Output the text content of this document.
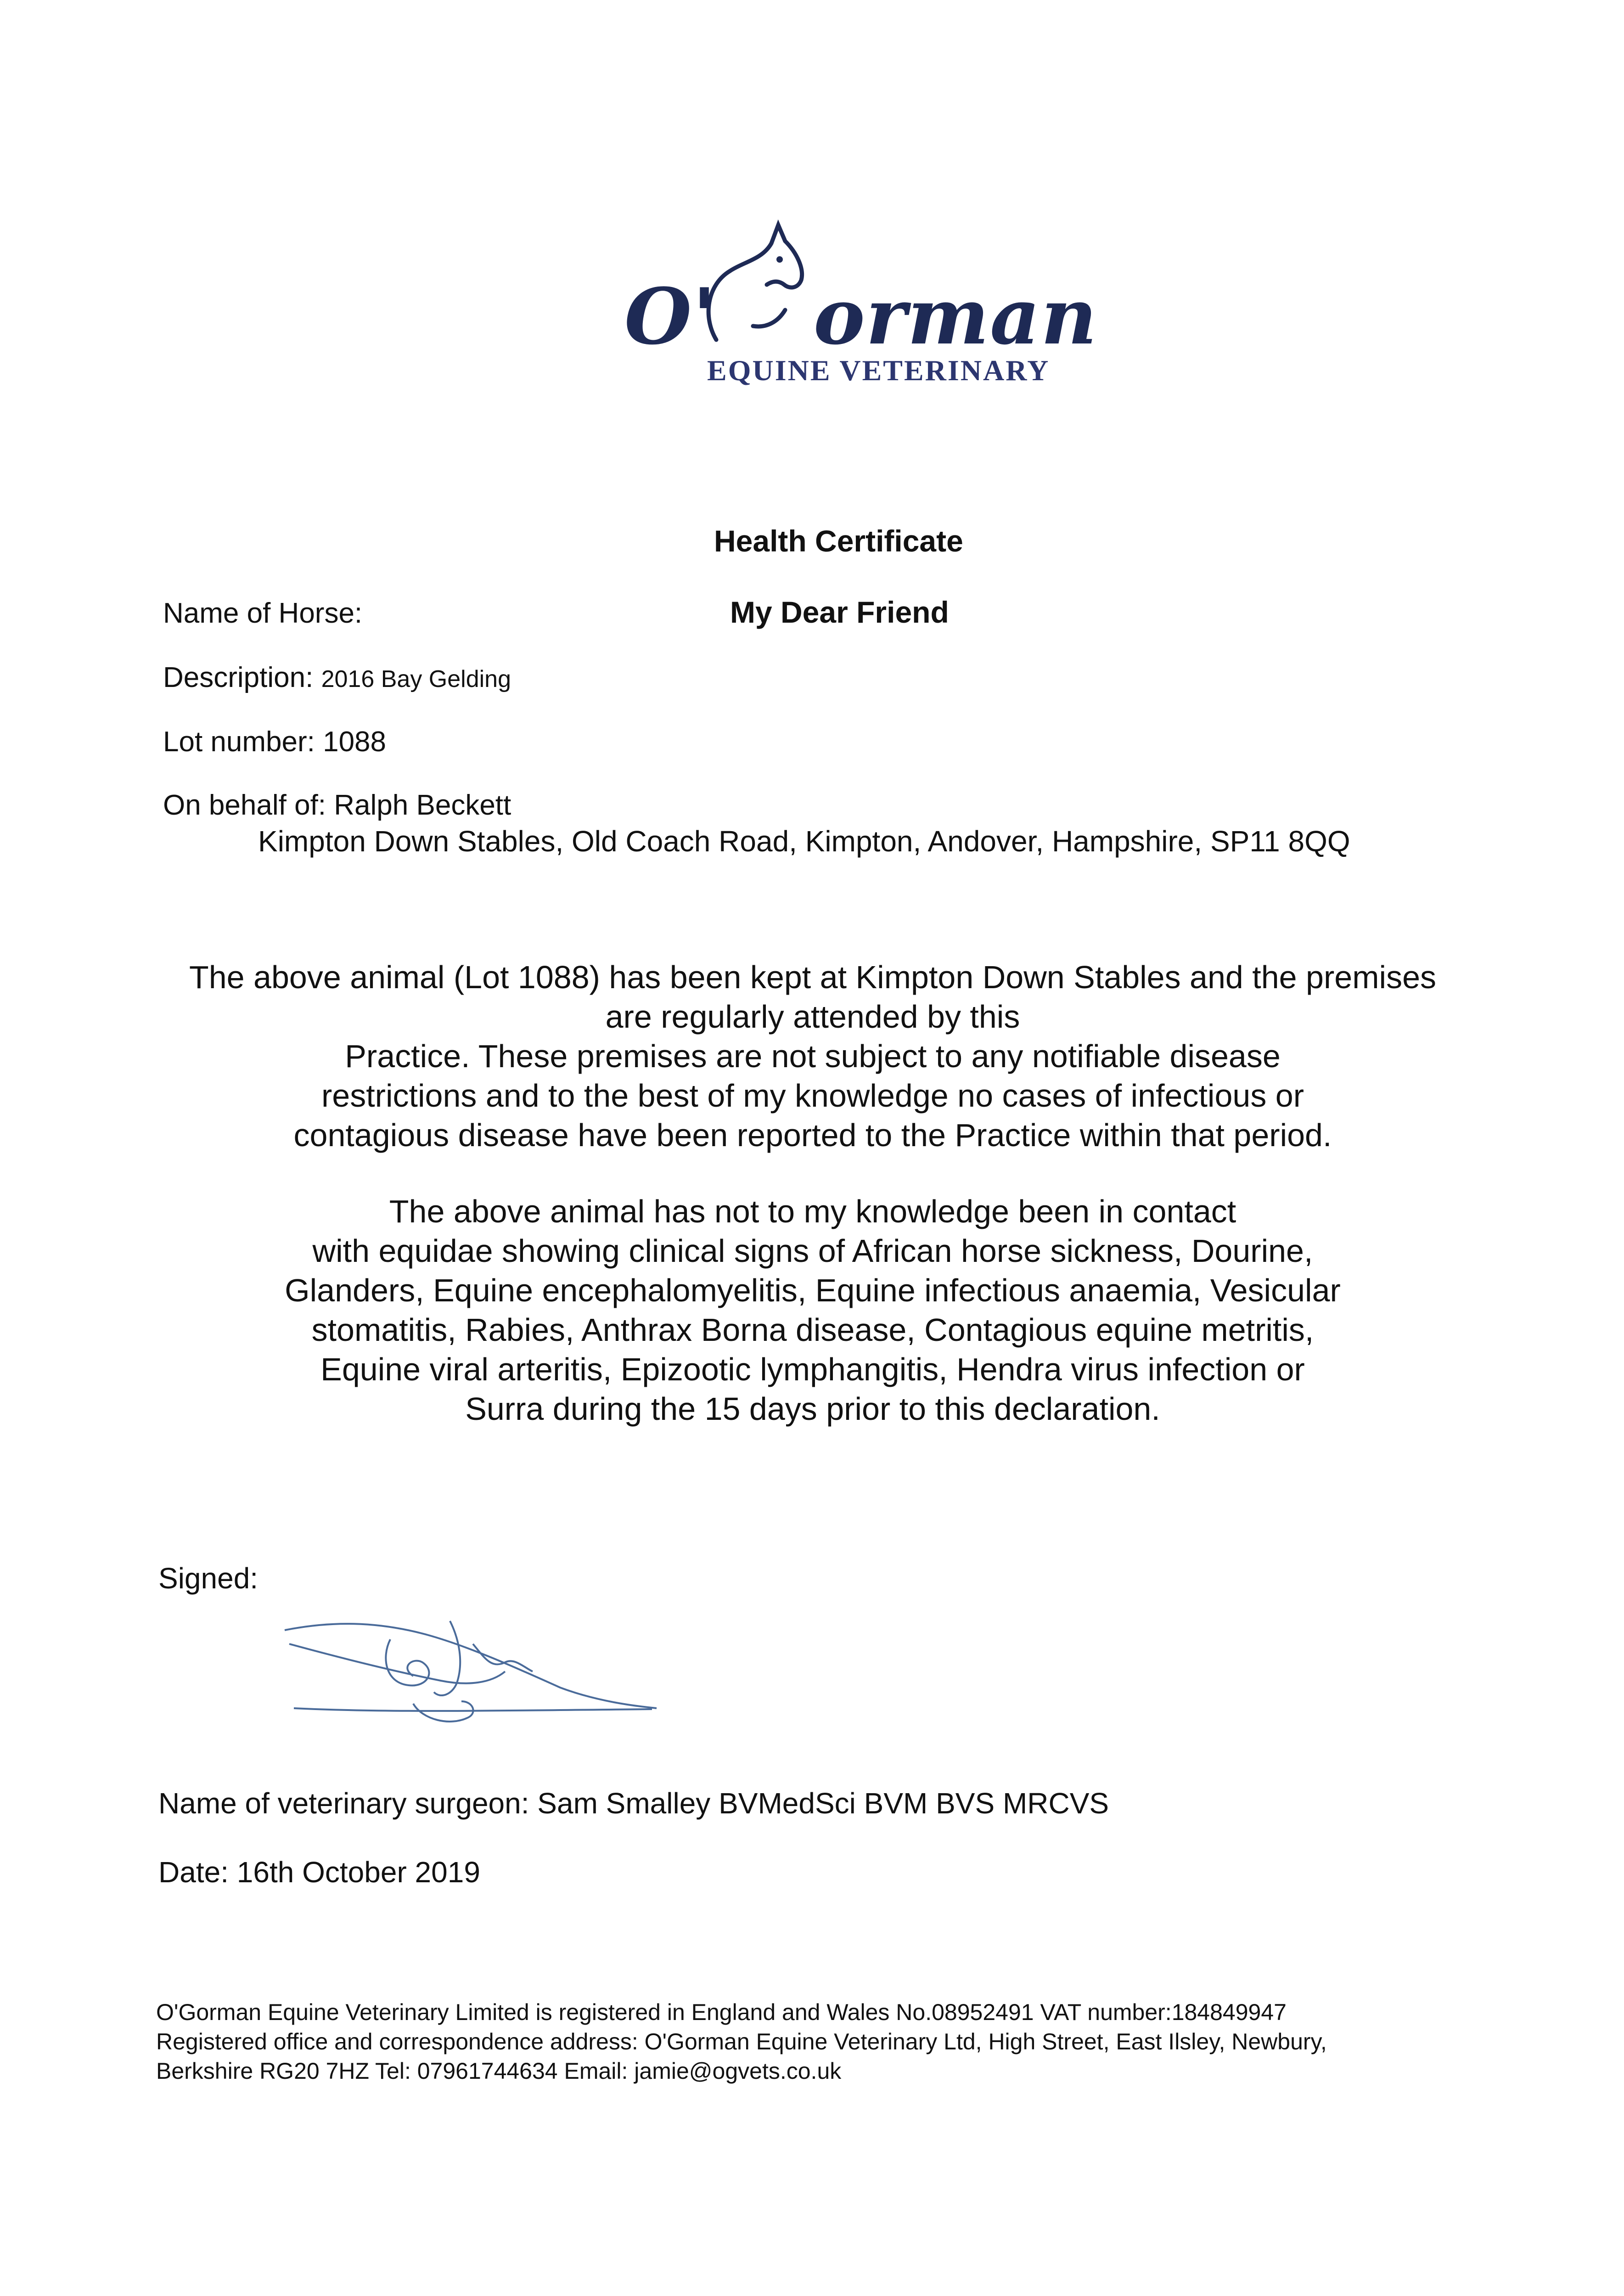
O' orman
EQUINE VETERINARY
Health Certificate
Name of Horse:	My Dear Friend
Description: 2016 Bay Gelding
Lot number: 1088
On behalf of: Ralph Beckett
Kimpton Down Stables, Old Coach Road, Kimpton, Andover, Hampshire, SP11 8QQ
The above animal (Lot 1088) has been kept at Kimpton Down Stables and the premises
are regularly attended by this
Practice. These premises are not subject to any notifiable disease
restrictions and to the best of my knowledge no cases of infectious or
contagious disease have been reported to the Practice within that period.
The above animal has not to my knowledge been in contact
with equidae showing clinical signs of African horse sickness, Dourine,
Glanders, Equine encephalomyelitis, Equine infectious anaemia, Vesicular
stomatitis, Rabies, Anthrax Borna disease, Contagious equine metritis,
Equine viral arteritis, Epizootic lymphangitis, Hendra virus infection or
Surra during the 15 days prior to this declaration.
Signed:
Name of veterinary surgeon: Sam Smalley BVMedSci BVM BVS MRCVS
Date: 16th October 2019
O'Gorman Equine Veterinary Limited is registered in England and Wales No.08952491 VAT number:184849947
Registered office and correspondence address: O'Gorman Equine Veterinary Ltd, High Street, East Ilsley, Newbury,
Berkshire RG20 7HZ Tel: 07961744634 Email: jamie@ogvets.co.uk
